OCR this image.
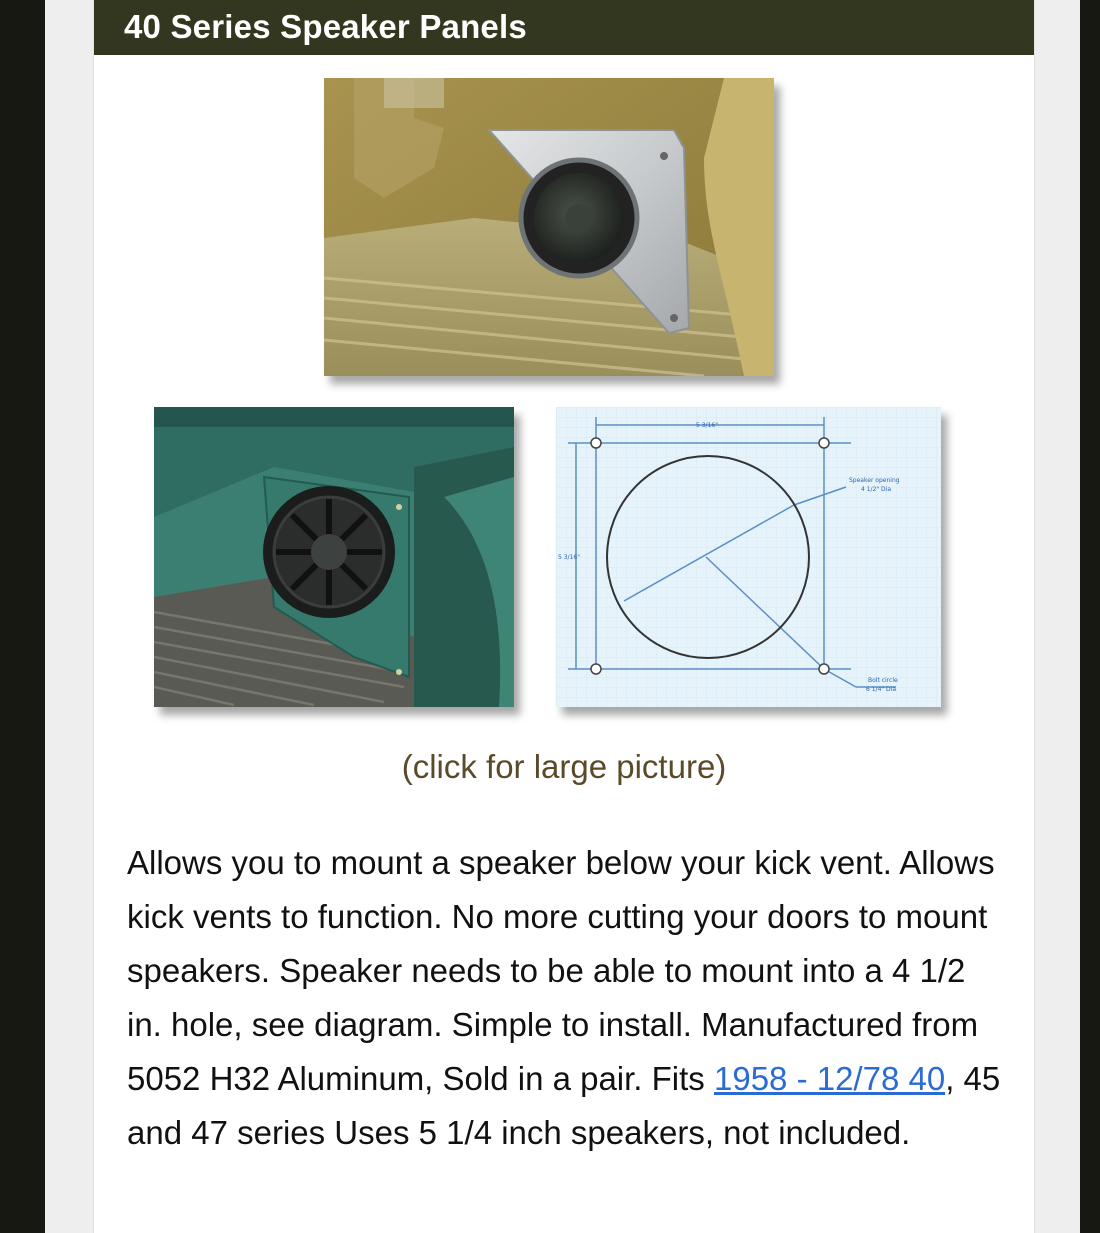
40 Series Speaker Panels
5 3/16"
5 3/16"
Speaker opening
4 1/2" Dia
Bolt circle
6 1/4" Dia
(click for large picture)

Allows you to mount a speaker below your kick vent. Allows kick vents to function. No more cutting your doors to mount speakers. Speaker needs to be able to mount into a 4 1/2 in. hole, see diagram. Simple to install. Manufactured from 5052 H32 Aluminum, Sold in a pair. Fits 1958 - 12/78 40, 45 and 47 series Uses 5 1/4 inch speakers, not included.
